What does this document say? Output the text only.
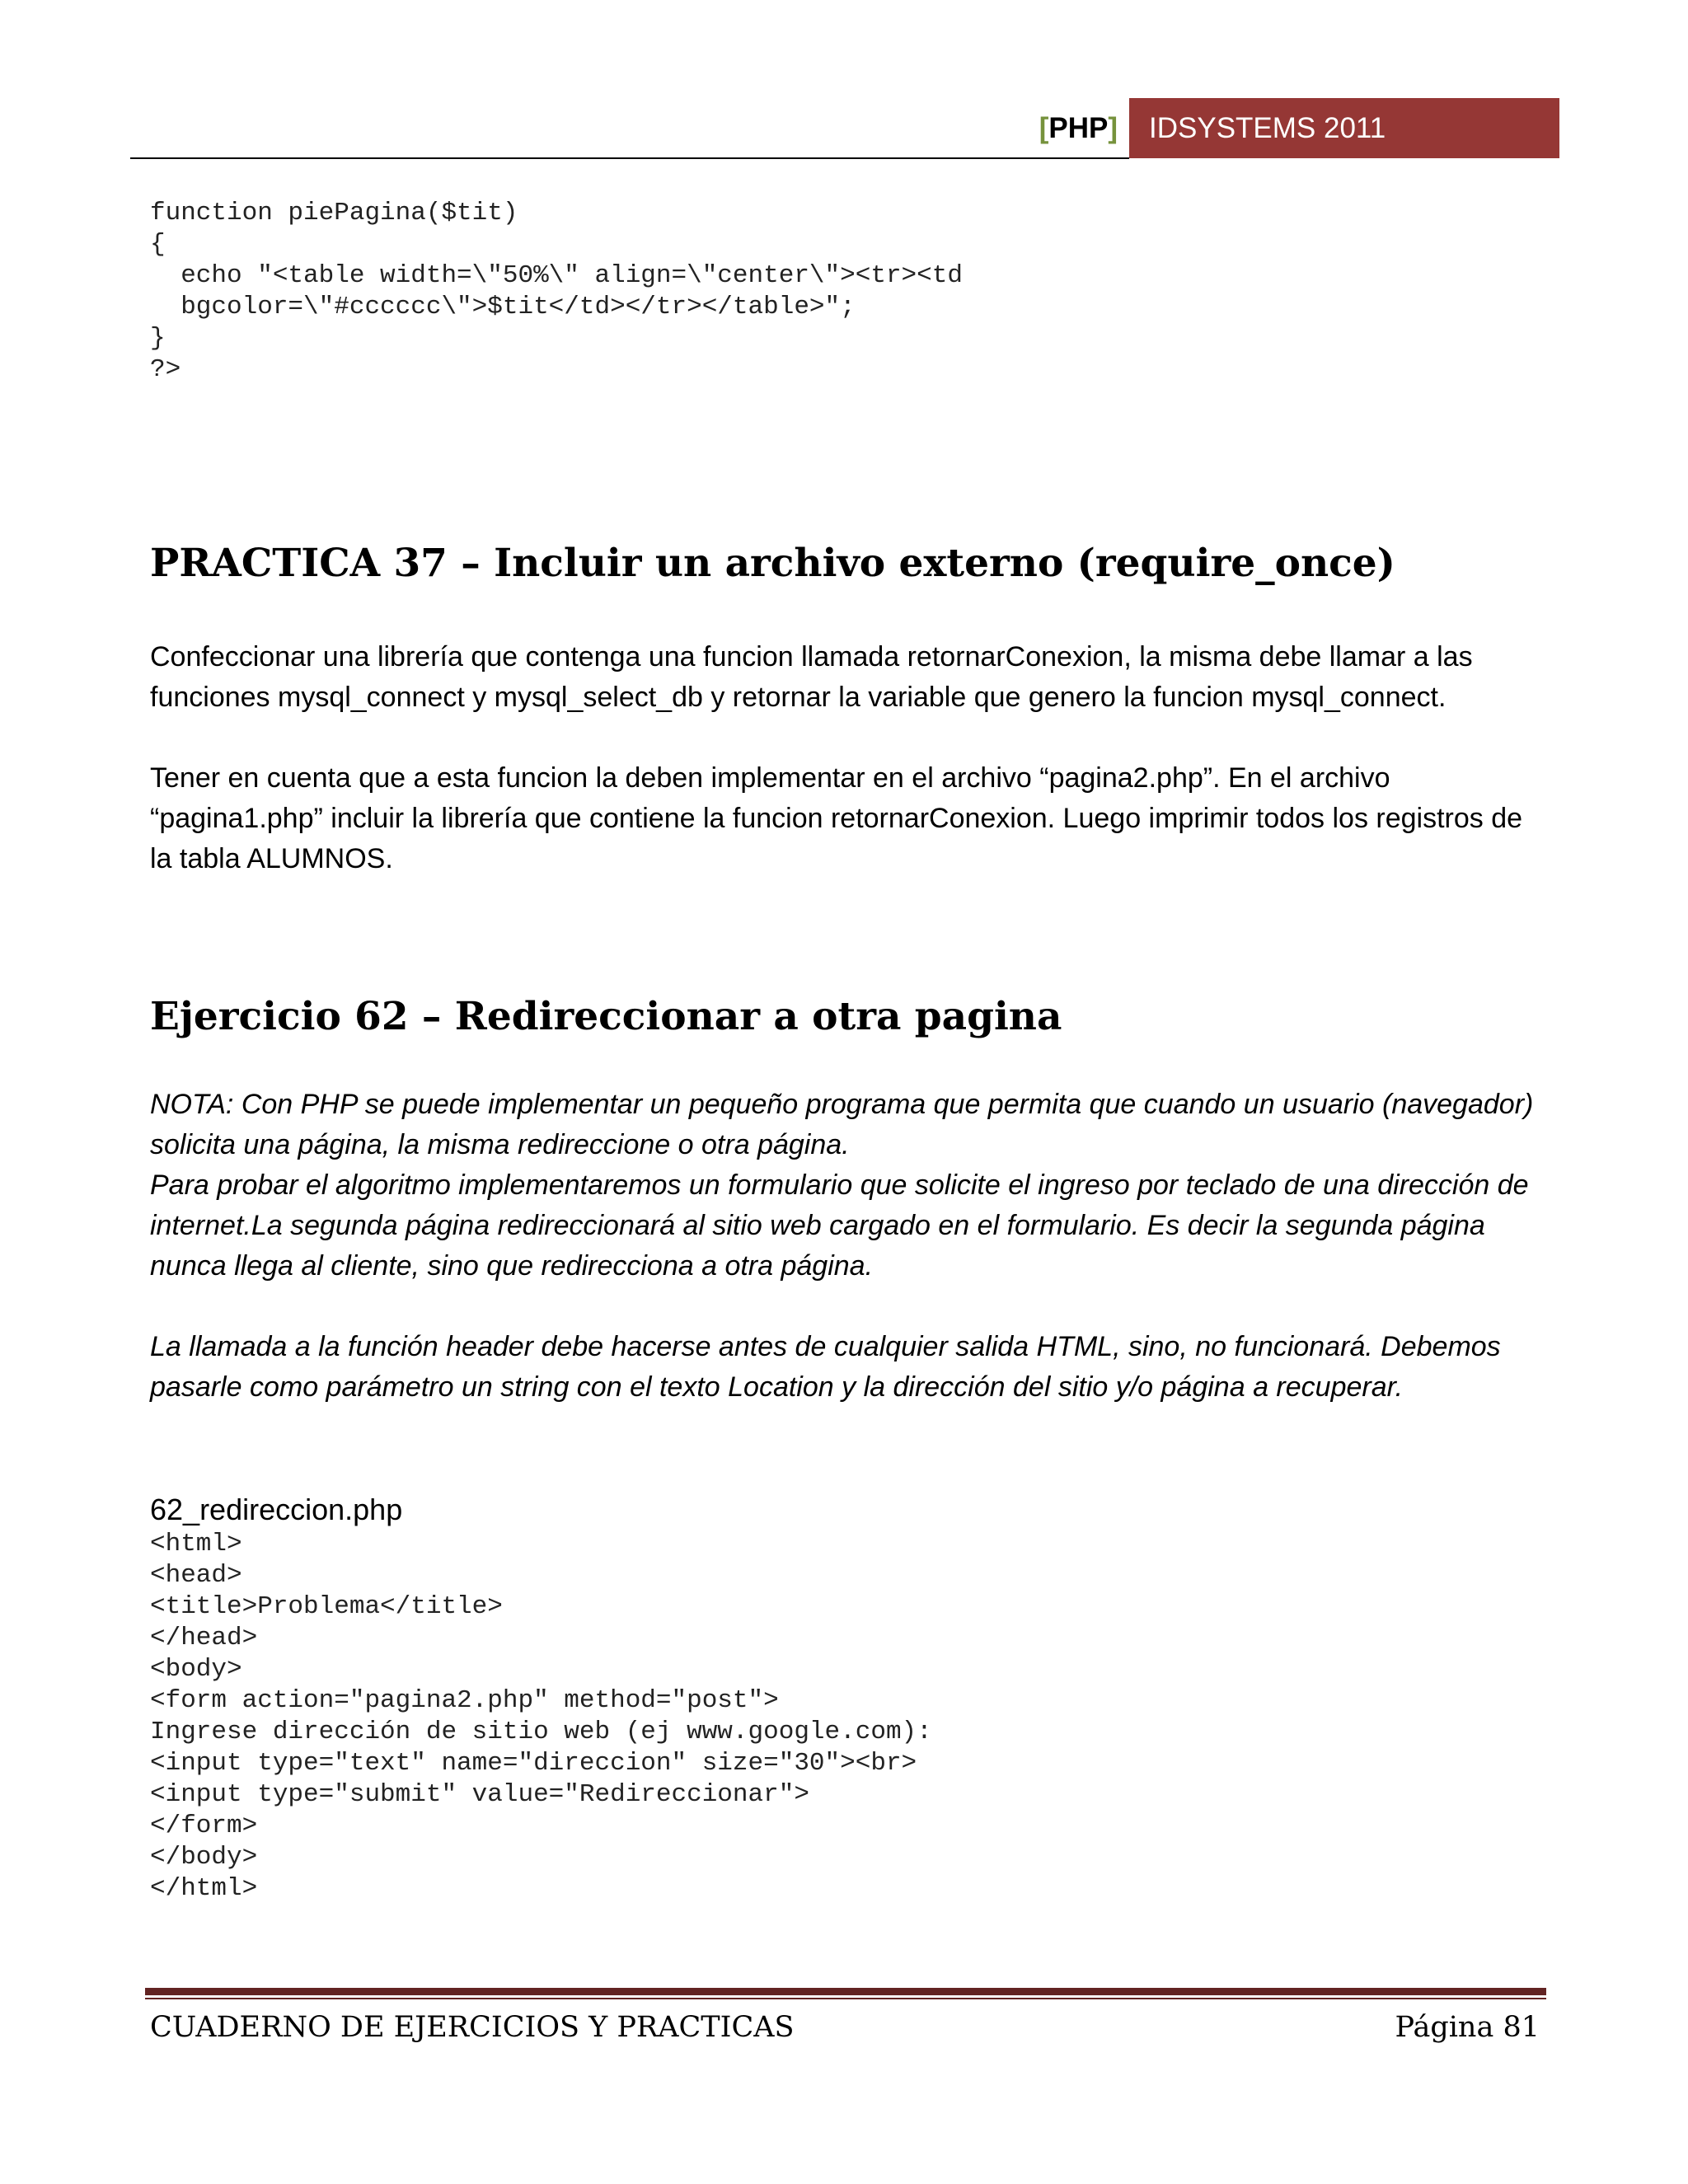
[PHP] IDSYSTEMS 2011
function piePagina($tit)
{
echo "<table width=\"50%\" align=\"center\"><tr><td
bgcolor=\"#cccccc\">$tit</td></tr></table>";
}
?>
PRACTICA 37 – Incluir un archivo externo (require_once)

Confeccionar una librería que contenga una funcion llamada retornarConexion, la misma debe llamar a las funciones mysql_connect y mysql_select_db y retornar la variable que genero la funcion mysql_connect.

Tener en cuenta que a esta funcion la deben implementar en el archivo “pagina2.php”. En el archivo “pagina1.php” incluir la librería que contiene la funcion retornarConexion. Luego imprimir todos los registros de la tabla ALUMNOS.

Ejercicio 62 – Redireccionar a otra pagina

NOTA: Con PHP se puede implementar un pequeño programa que permita que cuando un usuario (navegador) solicita una página, la misma redireccione o otra página.

Para probar el algoritmo implementaremos un formulario que solicite el ingreso por teclado de una dirección de internet.La segunda página redireccionará al sitio web cargado en el formulario. Es decir la segunda página nunca llega al cliente, sino que redirecciona a otra página.

La llamada a la función header debe hacerse antes de cualquier salida HTML, sino, no funcionará. Debemos pasarle como parámetro un string con el texto Location y la dirección del sitio y/o página a recuperar.

62_redireccion.php

<html>
<head>
<title>Problema</title>
</head>
<body>
<form action="pagina2.php" method="post">
Ingrese dirección de sitio web (ej www.google.com):
<input type="text" name="direccion" size="30"><br>
<input type="submit" value="Redireccionar">
</form>
</body>
</html>
CUADERNO DE EJERCICIOS Y PRACTICAS	Página 81
